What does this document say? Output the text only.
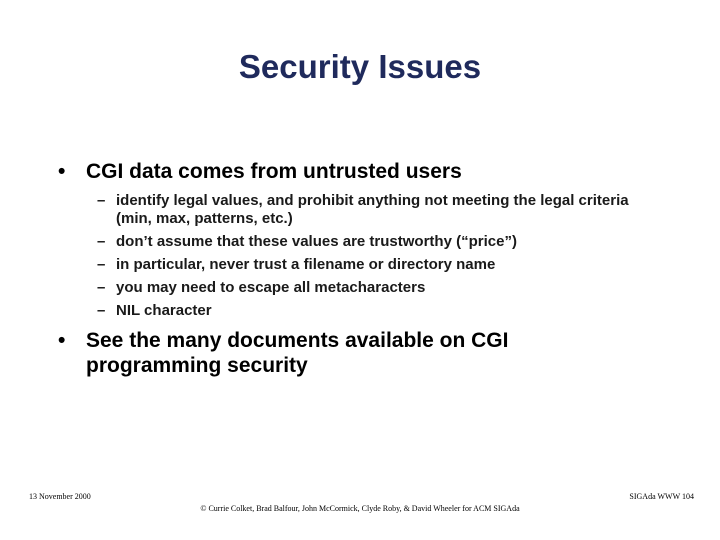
Security Issues
• CGI data comes from untrusted users
– identify legal values, and prohibit anything not meeting the legal criteria (min, max, patterns, etc.)
– don’t assume that these values are trustworthy (“price”)
– in particular, never trust a filename or directory name
– you may need to escape all metacharacters
– NIL character
• See the many documents available on CGI programming security
13 November 2000	SIGAda WWW 104
© Currie Colket, Brad Balfour, John McCormick, Clyde Roby, & David Wheeler for ACM SIGAda
